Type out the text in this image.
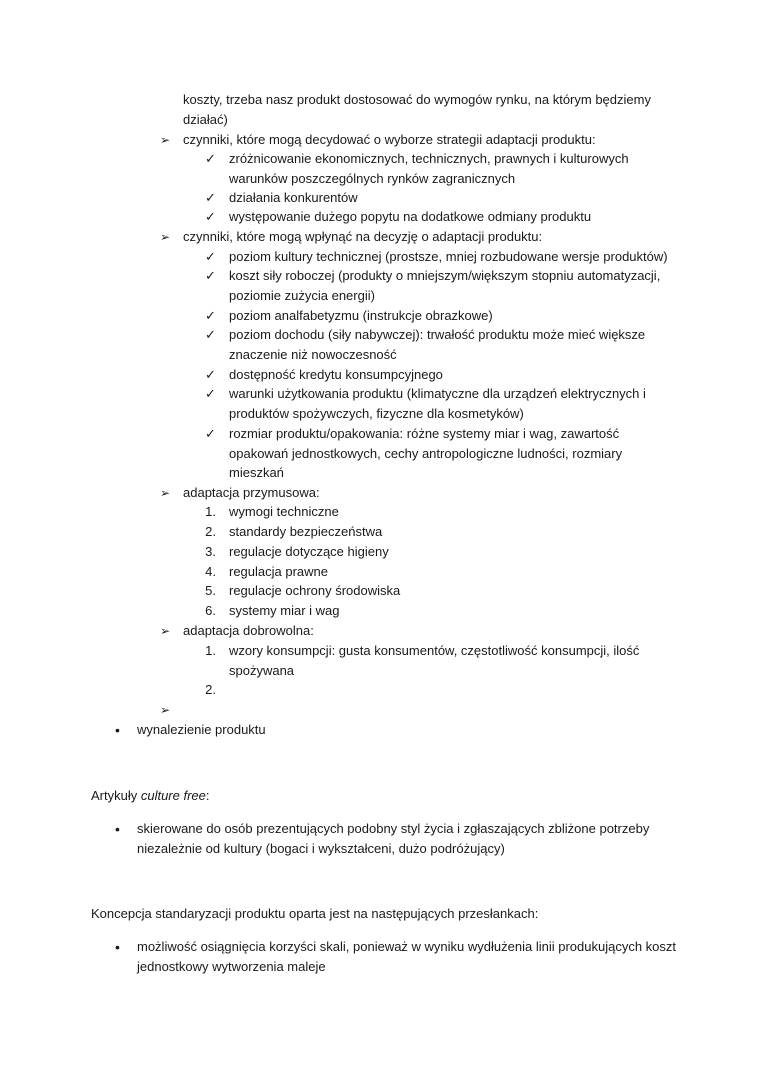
koszty, trzeba nasz produkt dostosować do wymogów rynku, na którym będziemy
działać)
➢ czynniki, które mogą decydować o wyborze strategii adaptacji produktu:
✓ zróżnicowanie ekonomicznych, technicznych, prawnych i kulturowych
warunków poszczególnych rynków zagranicznych
✓ działania konkurentów
✓ występowanie dużego popytu na dodatkowe odmiany produktu
➢ czynniki, które mogą wpłynąć na decyzję o adaptacji produktu:
✓ poziom kultury technicznej (prostsze, mniej rozbudowane wersje produktów)
✓ koszt siły roboczej (produkty o mniejszym/większym stopniu automatyzacji,
poziomie zużycia energii)
✓ poziom analfabetyzmu (instrukcje obrazkowe)
✓ poziom dochodu (siły nabywczej): trwałość produktu może mieć większe
znaczenie niż nowoczesność
✓ dostępność kredytu konsumpcyjnego
✓ warunki użytkowania produktu (klimatyczne dla urządzeń elektrycznych i
produktów spożywczych, fizyczne dla kosmetyków)
✓ rozmiar produktu/opakowania: różne systemy miar i wag, zawartość
opakowań jednostkowych, cechy antropologiczne ludności, rozmiary
mieszkań
➢ adaptacja przymusowa:
1. wymogi techniczne
2. standardy bezpieczeństwa
3. regulacje dotyczące higieny
4. regulacja prawne
5. regulacje ochrony środowiska
6. systemy miar i wag
➢ adaptacja dobrowolna:
1. wzory konsumpcji: gusta konsumentów, częstotliwość konsumpcji, ilość
spożywana
2.
➢
• wynalezienie produktu
Artykuły culture free:
• skierowane do osób prezentujących podobny styl życia i zgłaszających zbliżone potrzeby
niezależnie od kultury (bogaci i wykształceni, dużo podróżujący)
Koncepcja standaryzacji produktu oparta jest na następujących przesłankach:
• możliwość osiągnięcia korzyści skali, ponieważ w wyniku wydłużenia linii produkujących koszt
jednostkowy wytworzenia maleje
